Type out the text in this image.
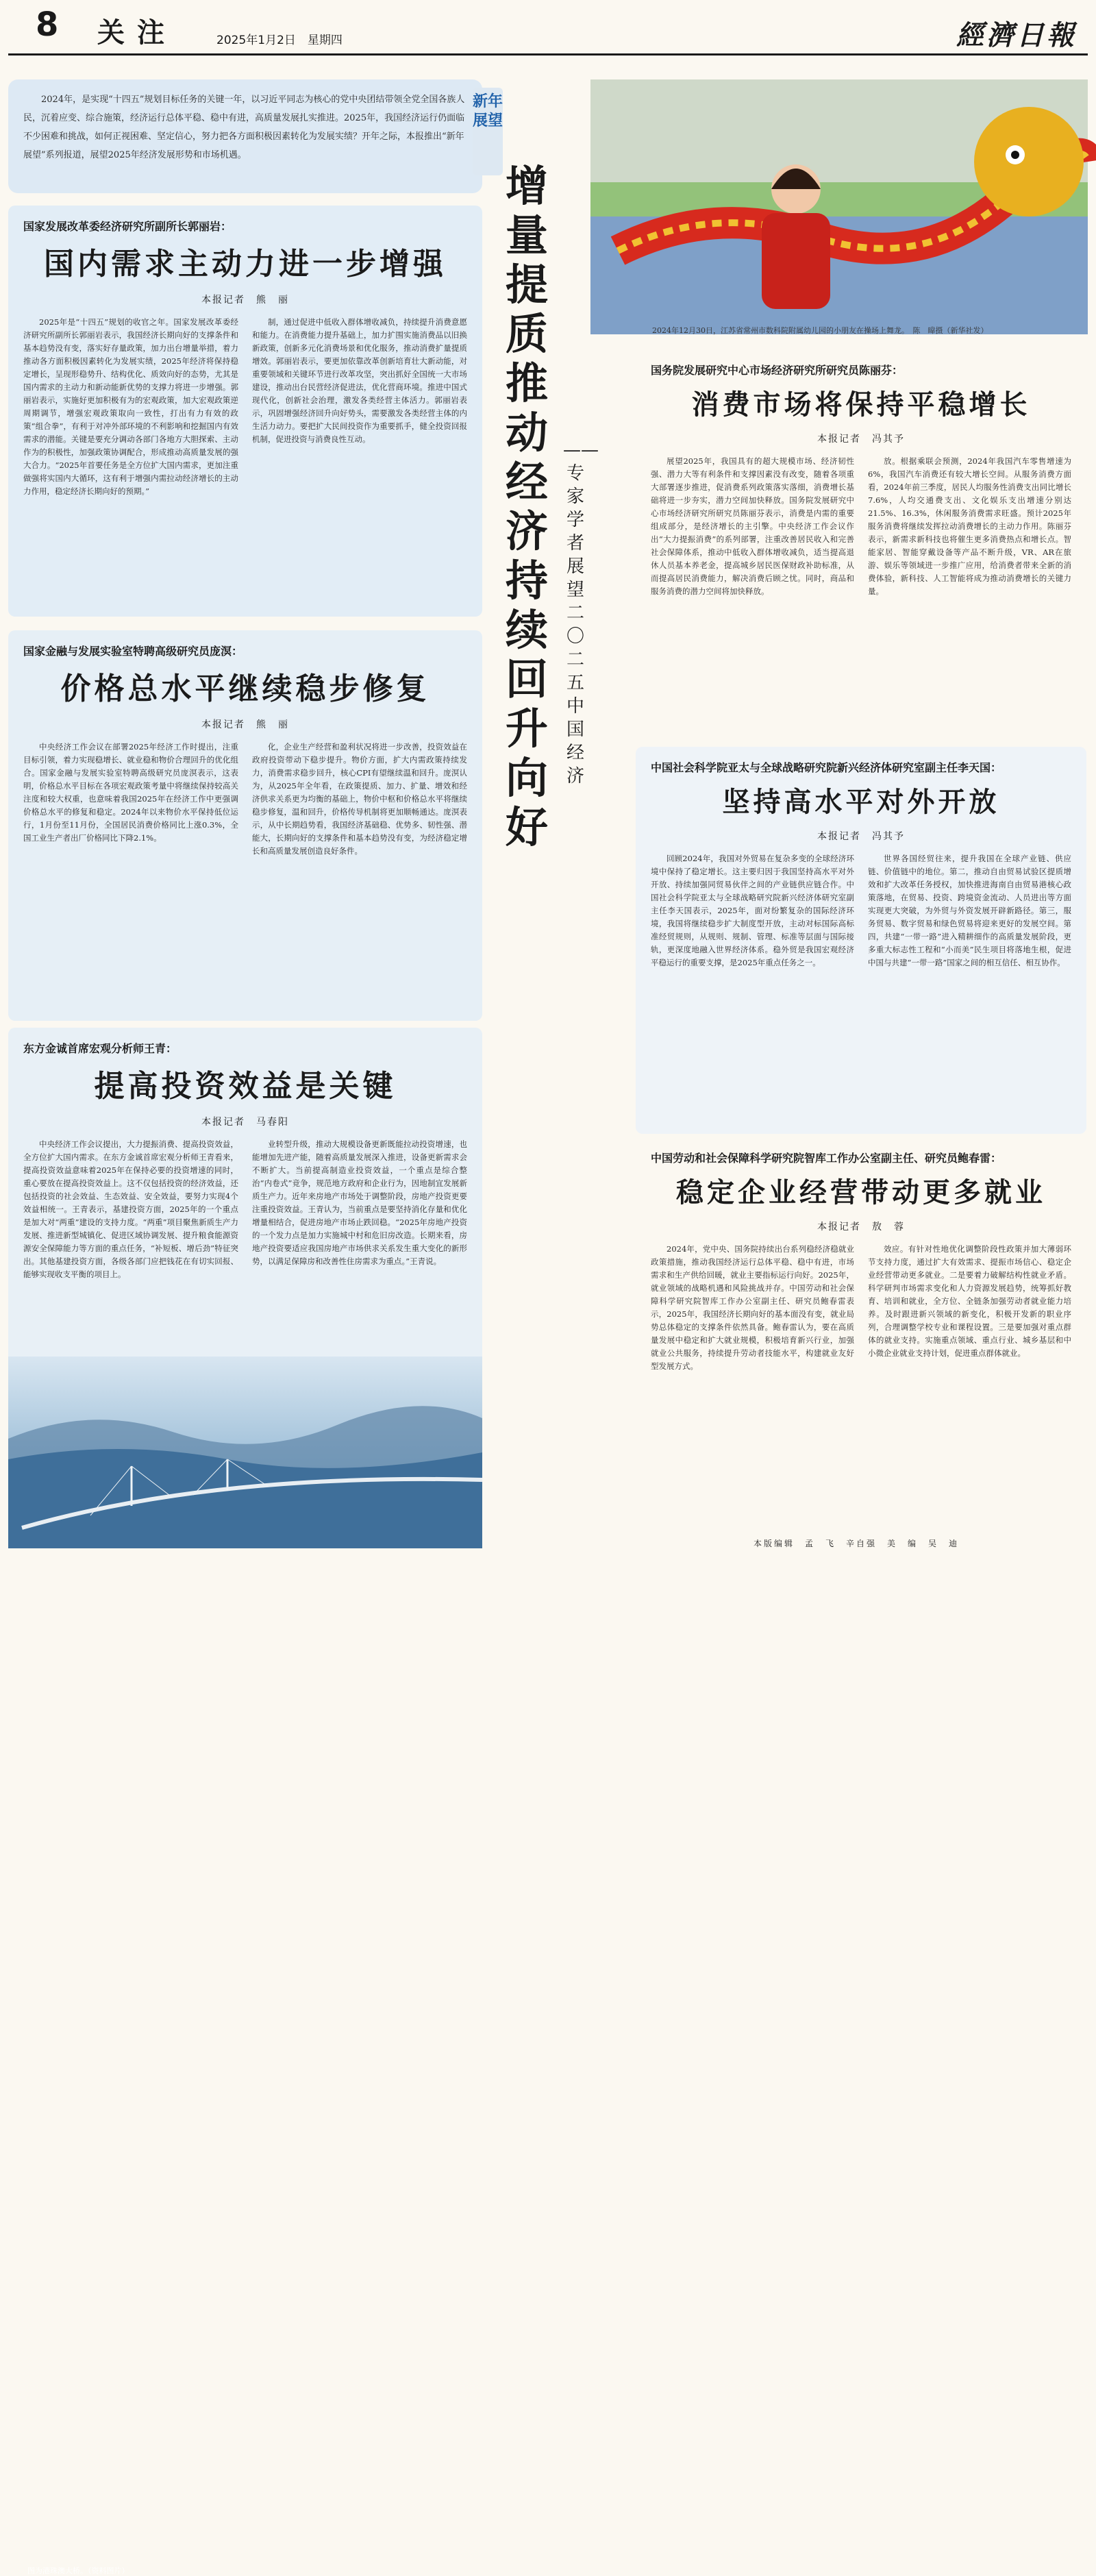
8 关注	2025年1月2日　星期四	經濟日報

2024年，是实现“十四五”规划目标任务的关键一年，以习近平同志为核心的党中央团结带领全党全国各族人民，沉着应变、综合施策，经济运行总体平稳、稳中有进，高质量发展扎实推进。2025年，我国经济运行仍面临不少困难和挑战，如何正视困难、坚定信心，努力把各方面积极因素转化为发展实绩？开年之际，本报推出“新年展望”系列报道，展望2025年经济发展形势和市场机遇。

新年展望
国家发展改革委经济研究所副所长郭丽岩：
国内需求主动力进一步增强
本报记者　熊　丽

2025年是“十四五”规划的收官之年。国家发展改革委经济研究所副所长郭丽岩表示，我国经济长期向好的支撑条件和基本趋势没有变，落实好存量政策，加力出台增量举措，着力推动各方面积极因素转化为发展实绩，2025年经济将保持稳定增长，呈现形稳势升、结构优化、质效向好的态势，尤其是国内需求的主动力和新动能新优势的支撑力将进一步增强。郭丽岩表示，实施好更加积极有为的宏观政策，加大宏观政策逆周期调节，增强宏观政策取向一致性，打出有力有效的政策“组合拳”，有利于对冲外部环境的不利影响和挖掘国内有效需求的潜能。关键是要充分调动各部门各地方大胆探索、主动作为的积极性，加强政策协调配合，形成推动高质量发展的强大合力。“2025年首要任务是全方位扩大国内需求，更加注重做强将实国内大循环，这有利于增强内需拉动经济增长的主动力作用，稳定经济长期向好的预期。”

制，通过促进中低收入群体增收减负，持续提升消费意愿和能力。在消费能力提升基础上，加力扩围实施消费品以旧换新政策，创新多元化消费场景和优化服务，推动消费扩量提质增效。郭丽岩表示，要更加依靠改革创新培育壮大新动能，对重要领域和关键环节进行改革攻坚，突出抓好全国统一大市场建设，推动出台民营经济促进法，优化营商环境。推进中国式现代化，创新社会治理，激发各类经营主体活力。郭丽岩表示，巩固增强经济回升向好势头，需要激发各类经营主体的内生活力动力。要把扩大民间投资作为重要抓手，健全投资回报机制，促进投资与消费良性互动。

国家金融与发展实验室特聘高级研究员庞溟：
价格总水平继续稳步修复
本报记者　熊　丽

中央经济工作会议在部署2025年经济工作时提出，注重目标引领，着力实现稳增长、就业稳和物价合理回升的优化组合。国家金融与发展实验室特聘高级研究员庞溟表示，这表明，价格总水平目标在各项宏观政策考量中将继续保持较高关注度和较大权重，也意味着我国2025年在经济工作中更强调价格总水平的修复和稳定。2024年以来物价水平保持低位运行，1月份至11月份，全国居民消费价格同比上涨0.3%，全国工业生产者出厂价格同比下降2.1%。

化，企业生产经营和盈利状况将进一步改善，投资效益在政府投资带动下稳步提升。物价方面，扩大内需政策持续发力，消费需求稳步回升，核心CPI有望继续温和回升。庞溟认为，从2025年全年看，在政策提质、加力、扩量、增效和经济供求关系更为均衡的基础上，物价中枢和价格总水平将继续稳步修复，温和回升，价格传导机制将更加顺畅通达。庞溟表示，从中长期趋势看，我国经济基础稳、优势多、韧性强、潜能大，长期向好的支撑条件和基本趋势没有变，为经济稳定增长和高质量发展创造良好条件。

东方金诚首席宏观分析师王青：
提高投资效益是关键
本报记者　马春阳

中央经济工作会议提出，大力提振消费、提高投资效益，全方位扩大国内需求。在东方金诚首席宏观分析师王青看来，提高投资效益意味着2025年在保持必要的投资增速的同时，重心要放在提高投资效益上。这不仅包括投资的经济效益，还包括投资的社会效益、生态效益、安全效益，要努力实现4个效益相统一。王青表示，基建投资方面，2025年的一个重点是加大对“两重”建设的支持力度。“两重”项目聚焦新质生产力发展、推进新型城镇化、促进区域协调发展、提升粮食能源资源安全保障能力等方面的重点任务，“补短板、增后劲”特征突出。其他基建投资方面，各级各部门应把钱花在有切实回报、能够实现收支平衡的项目上。

业转型升级，推动大规模设备更新既能拉动投资增速，也能增加先进产能，随着高质量发展深入推进，设备更新需求会不断扩大。当前提高制造业投资效益，一个重点是综合整治“内卷式”竞争，规范地方政府和企业行为，因地制宜发展新质生产力。近年来房地产市场处于调整阶段，房地产投资更要注重投资效益。王青认为，当前重点是要坚持消化存量和优化增量相结合，促进房地产市场止跌回稳。“2025年房地产投资的一个发力点是加力实施城中村和危旧房改造。长期来看，房地产投资要适应我国房地产市场供求关系发生重大变化的新形势，以满足保障房和改善性住房需求为重点。”王青说。

图为港珠澳大桥。（资料图片）
增量提质　推动经济持续回升向好
——专家学者展望二〇二五中国经济
2024年12月30日，江苏省常州市数科院附属幼儿园的小朋友在操场上舞龙。　陈　暐摄（新华社发）
国务院发展研究中心市场经济研究所研究员陈丽芬：
消费市场将保持平稳增长
本报记者　冯其予

展望2025年，我国具有的超大规模市场、经济韧性强、潜力大等有利条件和支撑因素没有改变，随着各项重大部署逐步推进，促消费系列政策落实落细，消费增长基础将进一步夯实，潜力空间加快释放。国务院发展研究中心市场经济研究所研究员陈丽芬表示，消费是内需的重要组成部分，是经济增长的主引擎。中央经济工作会议作出“大力提振消费”的系列部署，注重改善居民收入和完善社会保障体系，推动中低收入群体增收减负，适当提高退休人员基本养老金，提高城乡居民医保财政补助标准，从而提高居民消费能力，解决消费后顾之忧。同时，商品和服务消费的潜力空间将加快释放。

放。根据乘联会预测，2024年我国汽车零售增速为6%，我国汽车消费还有较大增长空间。从服务消费方面看，2024年前三季度，居民人均服务性消费支出同比增长7.6%，人均交通费支出、文化娱乐支出增速分别达21.5%、16.3%，休闲服务消费需求旺盛。预计2025年服务消费将继续发挥拉动消费增长的主动力作用。陈丽芬表示，新需求新科技也将催生更多消费热点和增长点。智能家居、智能穿戴设备等产品不断升级，VR、AR在旅游、娱乐等领域进一步推广应用，给消费者带来全新的消费体验，新科技、人工智能将成为推动消费增长的关键力量。

中国社会科学院亚太与全球战略研究院新兴经济体研究室副主任李天国：
坚持高水平对外开放
本报记者　冯其予

回顾2024年，我国对外贸易在复杂多变的全球经济环境中保持了稳定增长。这主要归因于我国坚持高水平对外开放、持续加强同贸易伙伴之间的产业链供应链合作。中国社会科学院亚太与全球战略研究院新兴经济体研究室副主任李天国表示，2025年，面对纷繁复杂的国际经济环境，我国将继续稳步扩大制度型开放，主动对标国际高标准经贸规则，从规则、规制、管理、标准等层面与国际接轨，更深度地融入世界经济体系。稳外贸是我国宏观经济平稳运行的重要支撑，是2025年重点任务之一。

世界各国经贸往来，提升我国在全球产业链、供应链、价值链中的地位。第二，推动自由贸易试验区提质增效和扩大改革任务授权，加快推进海南自由贸易港核心政策落地，在贸易、投资、跨境资金流动、人员进出等方面实现更大突破，为外贸与外资发展开辟新路径。第三，服务贸易、数字贸易和绿色贸易将迎来更好的发展空间。第四，共建“一带一路”进入精耕细作的高质量发展阶段，更多重大标志性工程和“小而美”民生项目将落地生根，促进中国与共建“一带一路”国家之间的相互信任、相互协作。

中国劳动和社会保障科学研究院智库工作办公室副主任、研究员鲍春雷：
稳定企业经营带动更多就业
本报记者　敖　蓉

2024年，党中央、国务院持续出台系列稳经济稳就业政策措施，推动我国经济运行总体平稳、稳中有进，市场需求和生产供给回暖，就业主要指标运行向好。2025年，就业领域的战略机遇和风险挑战并存。中国劳动和社会保障科学研究院智库工作办公室副主任、研究员鲍春雷表示，2025年，我国经济长期向好的基本面没有变，就业局势总体稳定的支撑条件依然具备。鲍春雷认为，要在高质量发展中稳定和扩大就业规模，积极培育新兴行业，加强就业公共服务，持续提升劳动者技能水平，构建就业友好型发展方式。

效应。有针对性地优化调整阶段性政策并加大薄弱环节支持力度，通过扩大有效需求、提振市场信心、稳定企业经营带动更多就业。二是要着力破解结构性就业矛盾。科学研判市场需求变化和人力资源发展趋势，统筹抓好教育、培训和就业，全方位、全链条加强劳动者就业能力培养。及时跟进新兴领域的新变化，积极开发新的职业序列，合理调整学校专业和课程设置。三是要加强对重点群体的就业支持。实施重点领域、重点行业、城乡基层和中小微企业就业支持计划，促进重点群体就业。

本版编辑　孟　飞　辛自强　美　编　吴　迪
